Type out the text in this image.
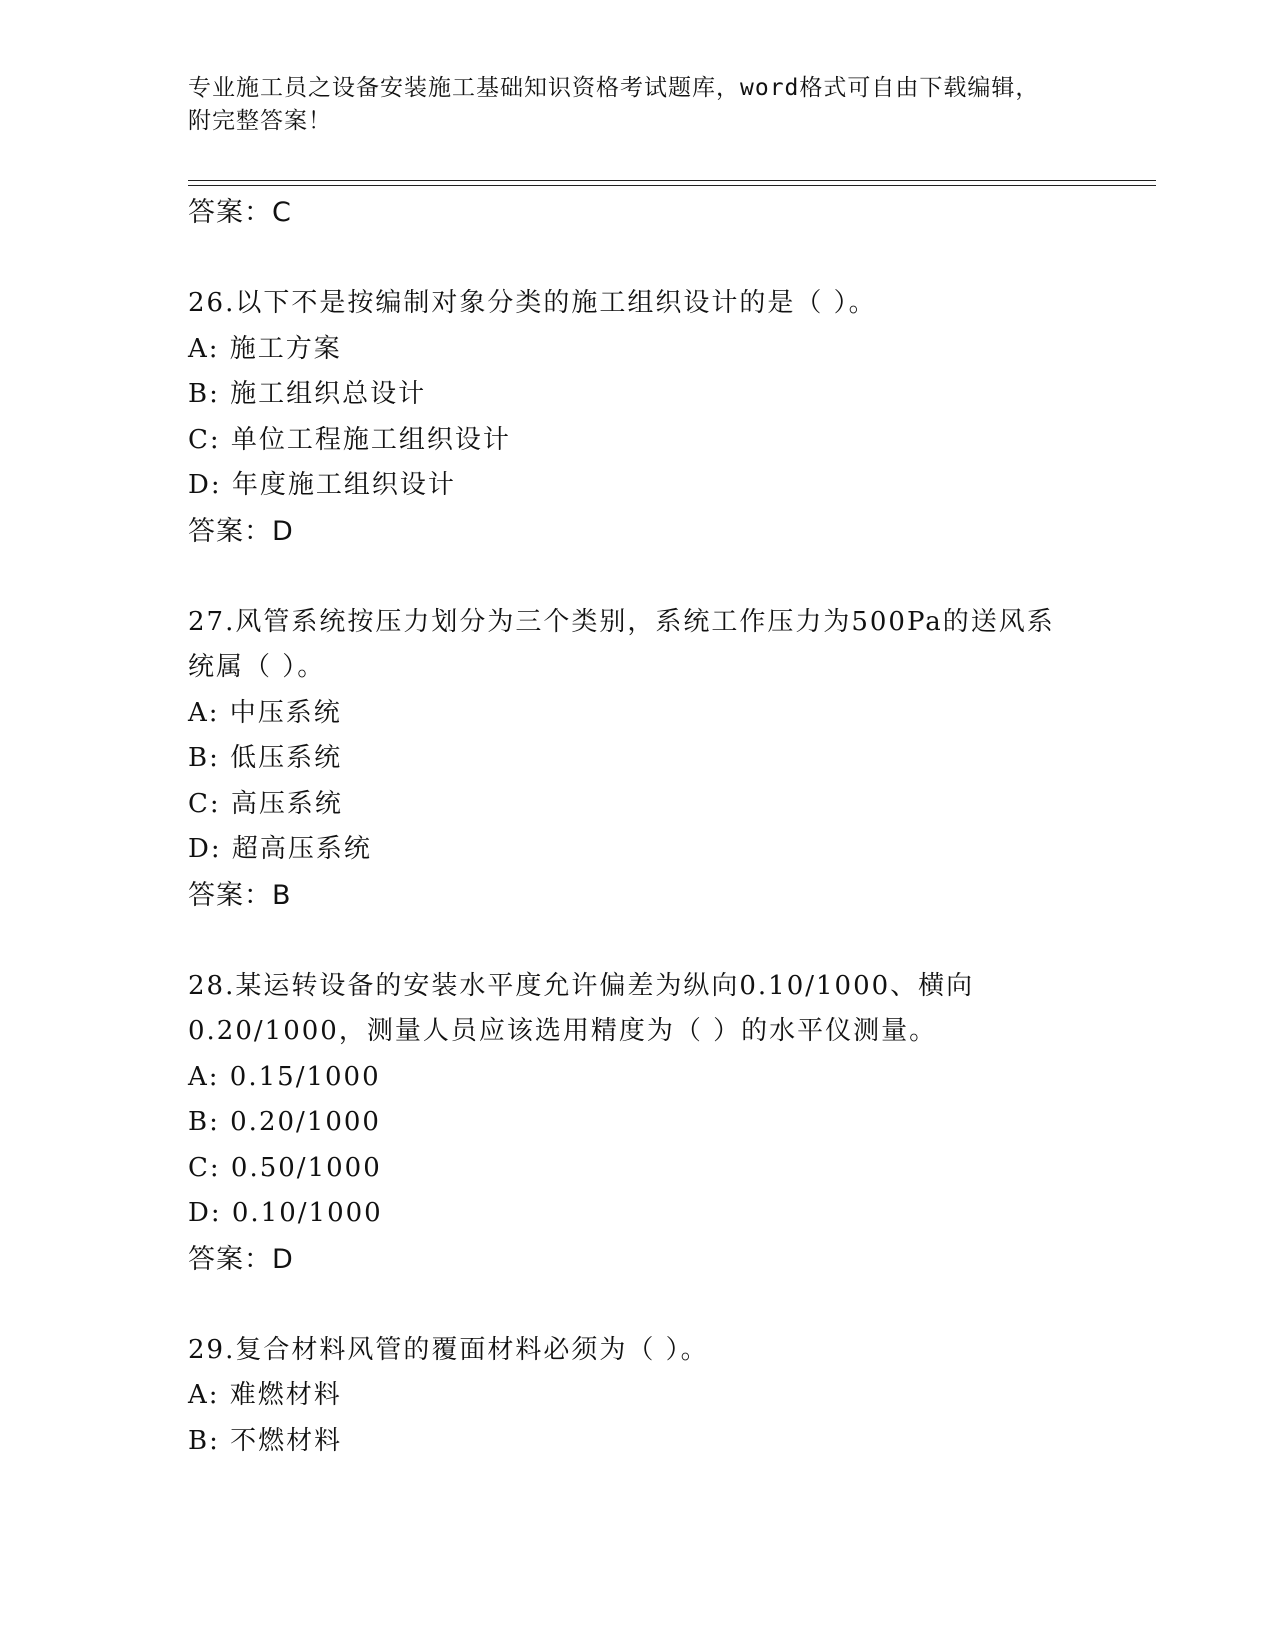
专业施工员之设备安装施工基础知识资格考试题库，word格式可自由下载编辑，
附完整答案！
答案：C
26.以下不是按编制对象分类的施工组织设计的是（ ）。
A: 施工方案
B: 施工组织总设计
C: 单位工程施工组织设计
D: 年度施工组织设计
答案：D
27.风管系统按压力划分为三个类别，系统工作压力为500Pa的送风系
统属（ ）。
A: 中压系统
B: 低压系统
C: 高压系统
D: 超高压系统
答案：B
28.某运转设备的安装水平度允许偏差为纵向0.10/1000、横向
0.20/1000，测量人员应该选用精度为（ ）的水平仪测量。
A: 0.15/1000
B: 0.20/1000
C: 0.50/1000
D: 0.10/1000
答案：D
29.复合材料风管的覆面材料必须为（ ）。
A: 难燃材料
B: 不燃材料
